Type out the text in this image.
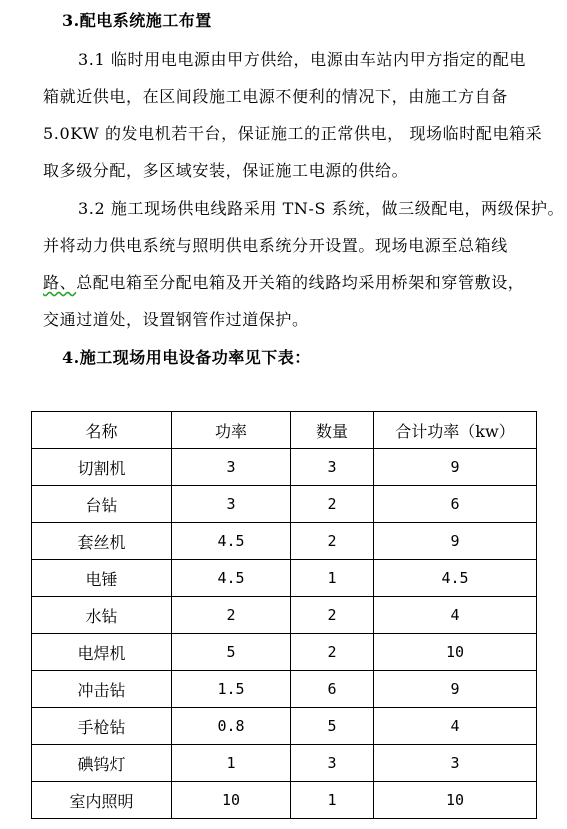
3.配电系统施工布置
3.1 临时用电电源由甲方供给，电源由车站内甲方指定的配电
箱就近供电，在区间段施工电源不便利的情况下，由施工方自备
5.0KW 的发电机若干台，保证施工的正常供电， 现场临时配电箱采
取多级分配，多区域安装，保证施工电源的供给。
3.2 施工现场供电线路采用 TN-S 系统，做三级配电，两级保护。
并将动力供电系统与照明供电系统分开设置。现场电源至总箱线
路、总配电箱至分配电箱及开关箱的线路均采用桥架和穿管敷设，
交通过道处，设置钢管作过道保护。
4.施工现场用电设备功率见下表：
名称	功率	数量	合计功率（kw）
切割机	3	3	9
台钻	3	2	6
套丝机	4.5	2	9
电锤	4.5	1	4.5
水钻	2	2	4
电焊机	5	2	10
冲击钻	1.5	6	9
手枪钻	0.8	5	4
碘钨灯	1	3	3
室内照明	10	1	10
